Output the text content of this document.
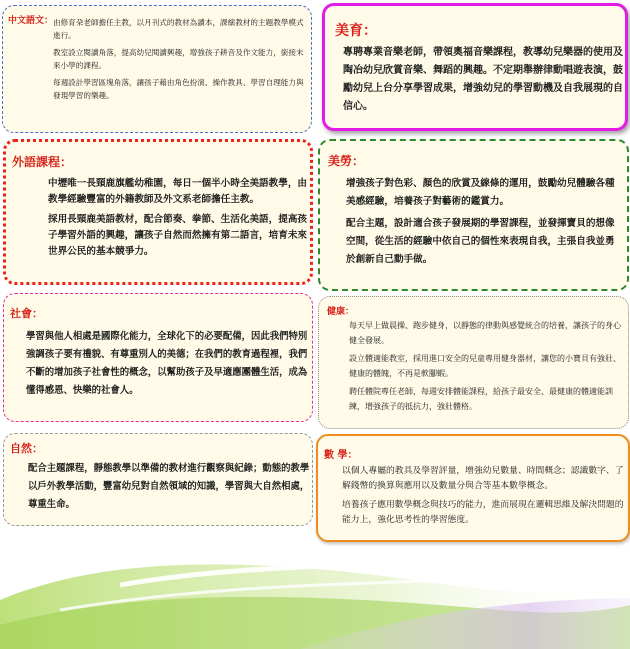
中文語文： 由修育朶老師擔任主教，以月刊式的教材為讀本，課縯教材的主題教學模式進行。

教室設立閱讀角落，提高幼兒閱讀興趣，增強孩子耕音及作文能力，銜接未來小學的課程。

每週設計學習區塊角落，讓孩子藉由角色扮演、操作教具、學習自理能力與發現學習的樂趣。

美育：

專聘專業音樂老師，帶領奧福音樂課程，教導幼兒樂器的使用及陶冶幼兒欣賞音樂、舞蹈的興趣。不定期舉辦律動唱遊表演，鼓勵幼兒上台分享學習成果，增強幼兒的學習動機及自我展現的自信心。

外語課程：

中壢唯一長頸鹿旗艦幼稚園，每日一個半小時全美語教學，由教學經驗豐富的外籍教師及外文系老師擔任主教。

採用長頸鹿美語教材，配合節奏、拳節、生活化美語，提高孩子學習外語的興趣，讓孩子自然而然擁有第二語言，培育未來世界公民的基本競爭力。

美勞：

增強孩子對色彩、顏色的欣賞及線條的運用，鼓勵幼兒體驗各種美感經驗，培養孩子對藝術的鑑賞力。

配合主題，設計適合孩子發展期的學習課程，並發揮寶貝的想像空間，從生活的經驗中依自己的個性來表現自我，主張自我並勇於創新自己動手做。

社會：

學習與他人相處是國際化能力，全球化下的必要配備，因此我們特別強調孩子要有禮貌、有尊重別人的美德；在我們的教育過程裡，我們不斷的增加孩子社會性的概念，以幫助孩子及早適應團體生活，成為懂得感恩、快樂的社會人。

健康：

每天早上做晨操、跑步健身，以靜態的律動與感覺統合的培養，讓孩子的身心健全發展。

設立體適能教室，採用進口安全的兒童專用健身器材，讓您的小寶貝有強壯、健康的體魄，不再是軟腳蝦。

聘任體院專任老師，每週安排體能課程，給孩子最安全、最健康的體適能訓練，增強孩子的抵抗力，強壯體格。

自然：

配合主題課程，靜態教學以準備的教材進行觀察與紀錄；動態的教學以戶外教學活動，豐富幼兒對自然領域的知識，學習與大自然相處，尊重生命。

數 學：

以個人專屬的教具及學習評量，增強幼兒數量、時間概念；認識數字、了解錢幣的換算與應用以及數量分與合等基本數學概念。

培養孩子應用數學概念與技巧的能力，進而展現在邏輯思維及解決問題的能力上，強化思考性的學習態度。
